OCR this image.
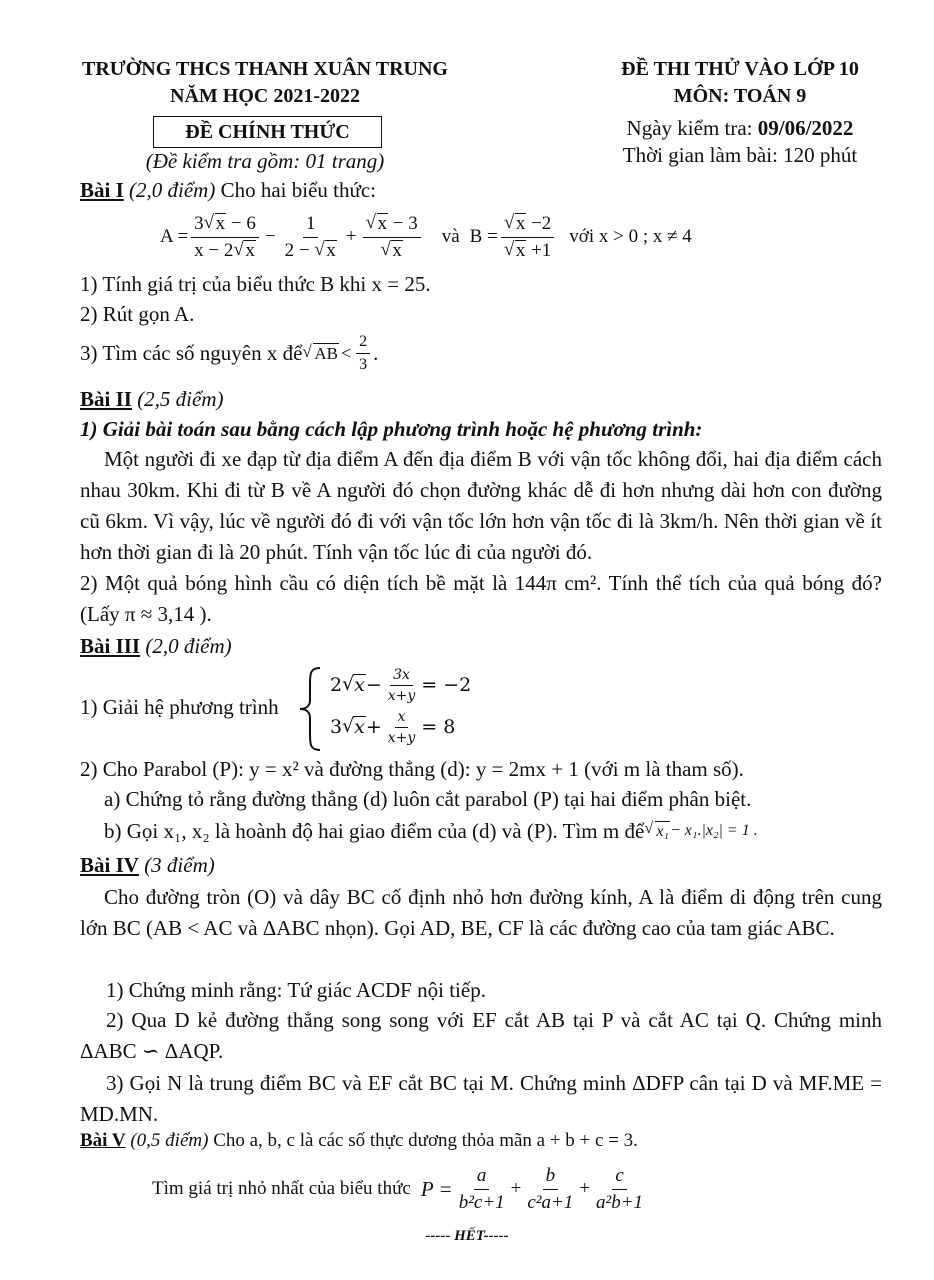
TRƯỜNG THCS THANH XUÂN TRUNG
NĂM HỌC 2021-2022
ĐỀ CHÍNH THỨC
(Đề kiểm tra gồm: 01 trang)
ĐỀ THI THỬ VÀO LỚP 10
MÔN: TOÁN 9
Ngày kiểm tra: 09/06/2022
Thời gian làm bài: 120 phút
Bài I (2,0 điểm) Cho hai biểu thức:
$A = \frac{3 √ x - 6}{x - 2 √ x} - \frac{1}{2 - √ x}$ + √ x − 3
√ x và B = √ x −2
√ x +1 với x > 0 ; x ≠ 4
1) Tính giá trị của biểu thức B khi x = 25.
2) Rút gọn A.
3) Tìm các số nguyên x để √ AB < $\frac{2}{3}$ .
Bài II (2,5 điểm)
1) Giải bài toán sau bằng cách lập phương trình hoặc hệ phương trình:
Một người đi xe đạp từ địa điểm A đến địa điểm B với vận tốc không đổi, hai địa điểm cách nhau 30km. Khi đi từ B về A người đó chọn đường khác dễ đi hơn nhưng dài hơn con đường cũ 6km. Vì vậy, lúc về người đó đi với vận tốc lớn hơn vận tốc đi là 3km/h. Nên thời gian về ít hơn thời gian đi là 20 phút. Tính vận tốc lúc đi của người đó.
2) Một quả bóng hình cầu có diện tích bề mặt là 144π cm². Tính thể tích của quả bóng đó? (Lấy π ≈ 3,14 ).
Bài III (2,0 điểm)
1) Giải hệ phương trình
2 √ $x - \frac{3x}{x+y} = -2$
3 √ $x + \frac{x}{x+y} = 8$
2) Cho Parabol (P): y = x² và đường thẳng (d): y = 2mx + 1 (với m là tham số).
a) Chứng tỏ rằng đường thẳng (d) luôn cắt parabol (P) tại hai điểm phân biệt.
b) Gọi x₁, x₂ là hoành độ hai giao điểm của (d) và (P). Tìm m để √ x₁ − x₁.|x₂| = 1 .
Bài IV (3 điểm)
Cho đường tròn (O) và dây BC cố định nhỏ hơn đường kính, A là điểm di động trên cung lớn BC (AB < AC và ΔABC nhọn). Gọi AD, BE, CF là các đường cao của tam giác ABC.
1) Chứng minh rằng: Tứ giác ACDF nội tiếp.
2) Qua D kẻ đường thẳng song song với EF cắt AB tại P và cắt AC tại Q. Chứng minh ΔABC ∽ ΔAQP.
3) Gọi N là trung điểm BC và EF cắt BC tại M. Chứng minh ΔDFP cân tại D và MF.ME = MD.MN.
Bài V (0,5 điểm) Cho a, b, c là các số thực dương thỏa mãn a + b + c = 3.
Tìm giá trị nhỏ nhất của biểu thức $P = \frac{a}{\text{b²c+1}} + \frac{b}{\text{c²a+1}} + \frac{c}{\text{a²b+1}}$
----- HẾT-----
